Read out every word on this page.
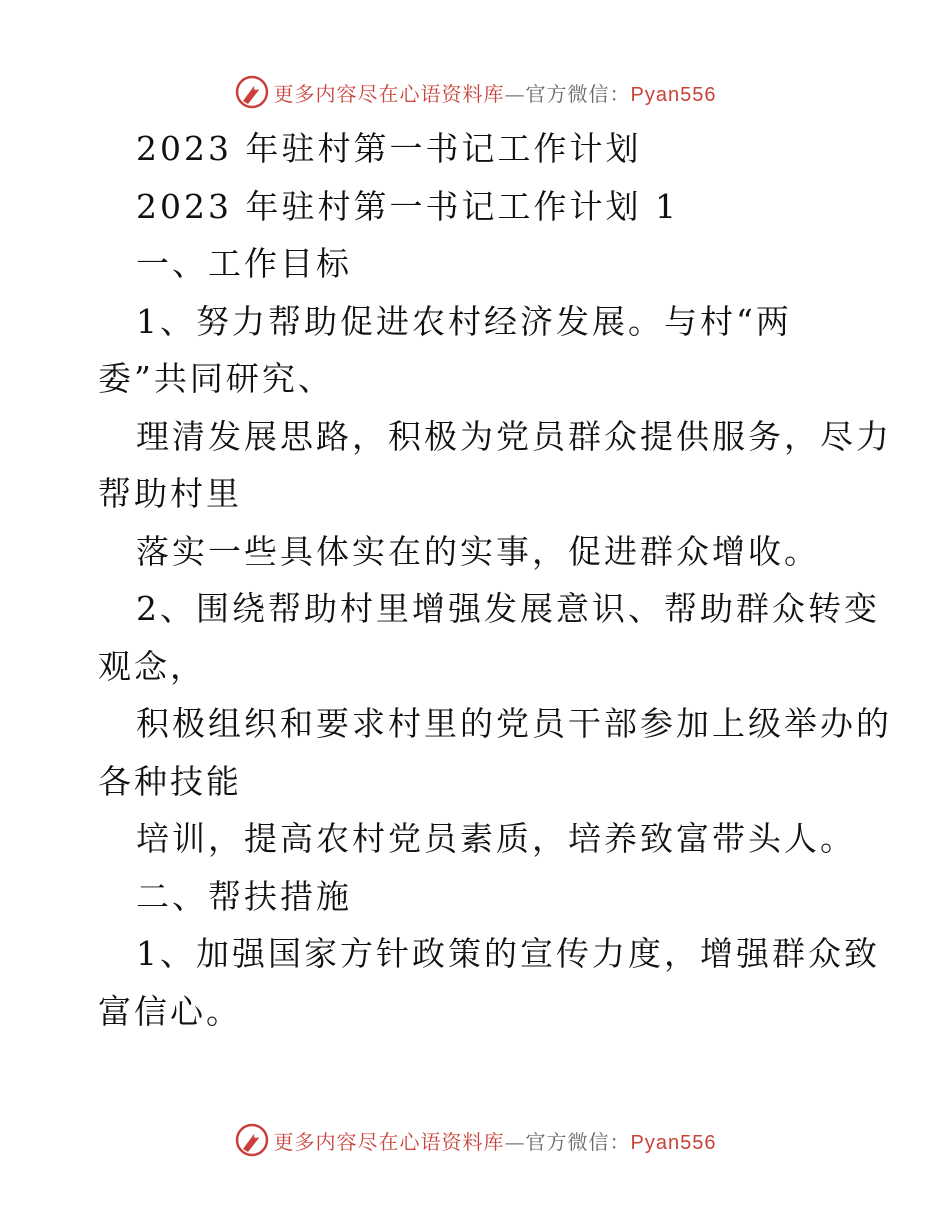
更多内容尽在心语资料库—官方微信：Pyan556
2023 年驻村第一书记工作计划
2023 年驻村第一书记工作计划 1
一、工作目标
1、努力帮助促进农村经济发展。与村“两
委”共同研究、
理清发展思路，积极为党员群众提供服务，尽力
帮助村里
落实一些具体实在的实事，促进群众增收。
2、围绕帮助村里增强发展意识、帮助群众转变
观念，
积极组织和要求村里的党员干部参加上级举办的
各种技能
培训，提高农村党员素质，培养致富带头人。
二、帮扶措施
1、加强国家方针政策的宣传力度，增强群众致
富信心。
更多内容尽在心语资料库—官方微信：Pyan556
